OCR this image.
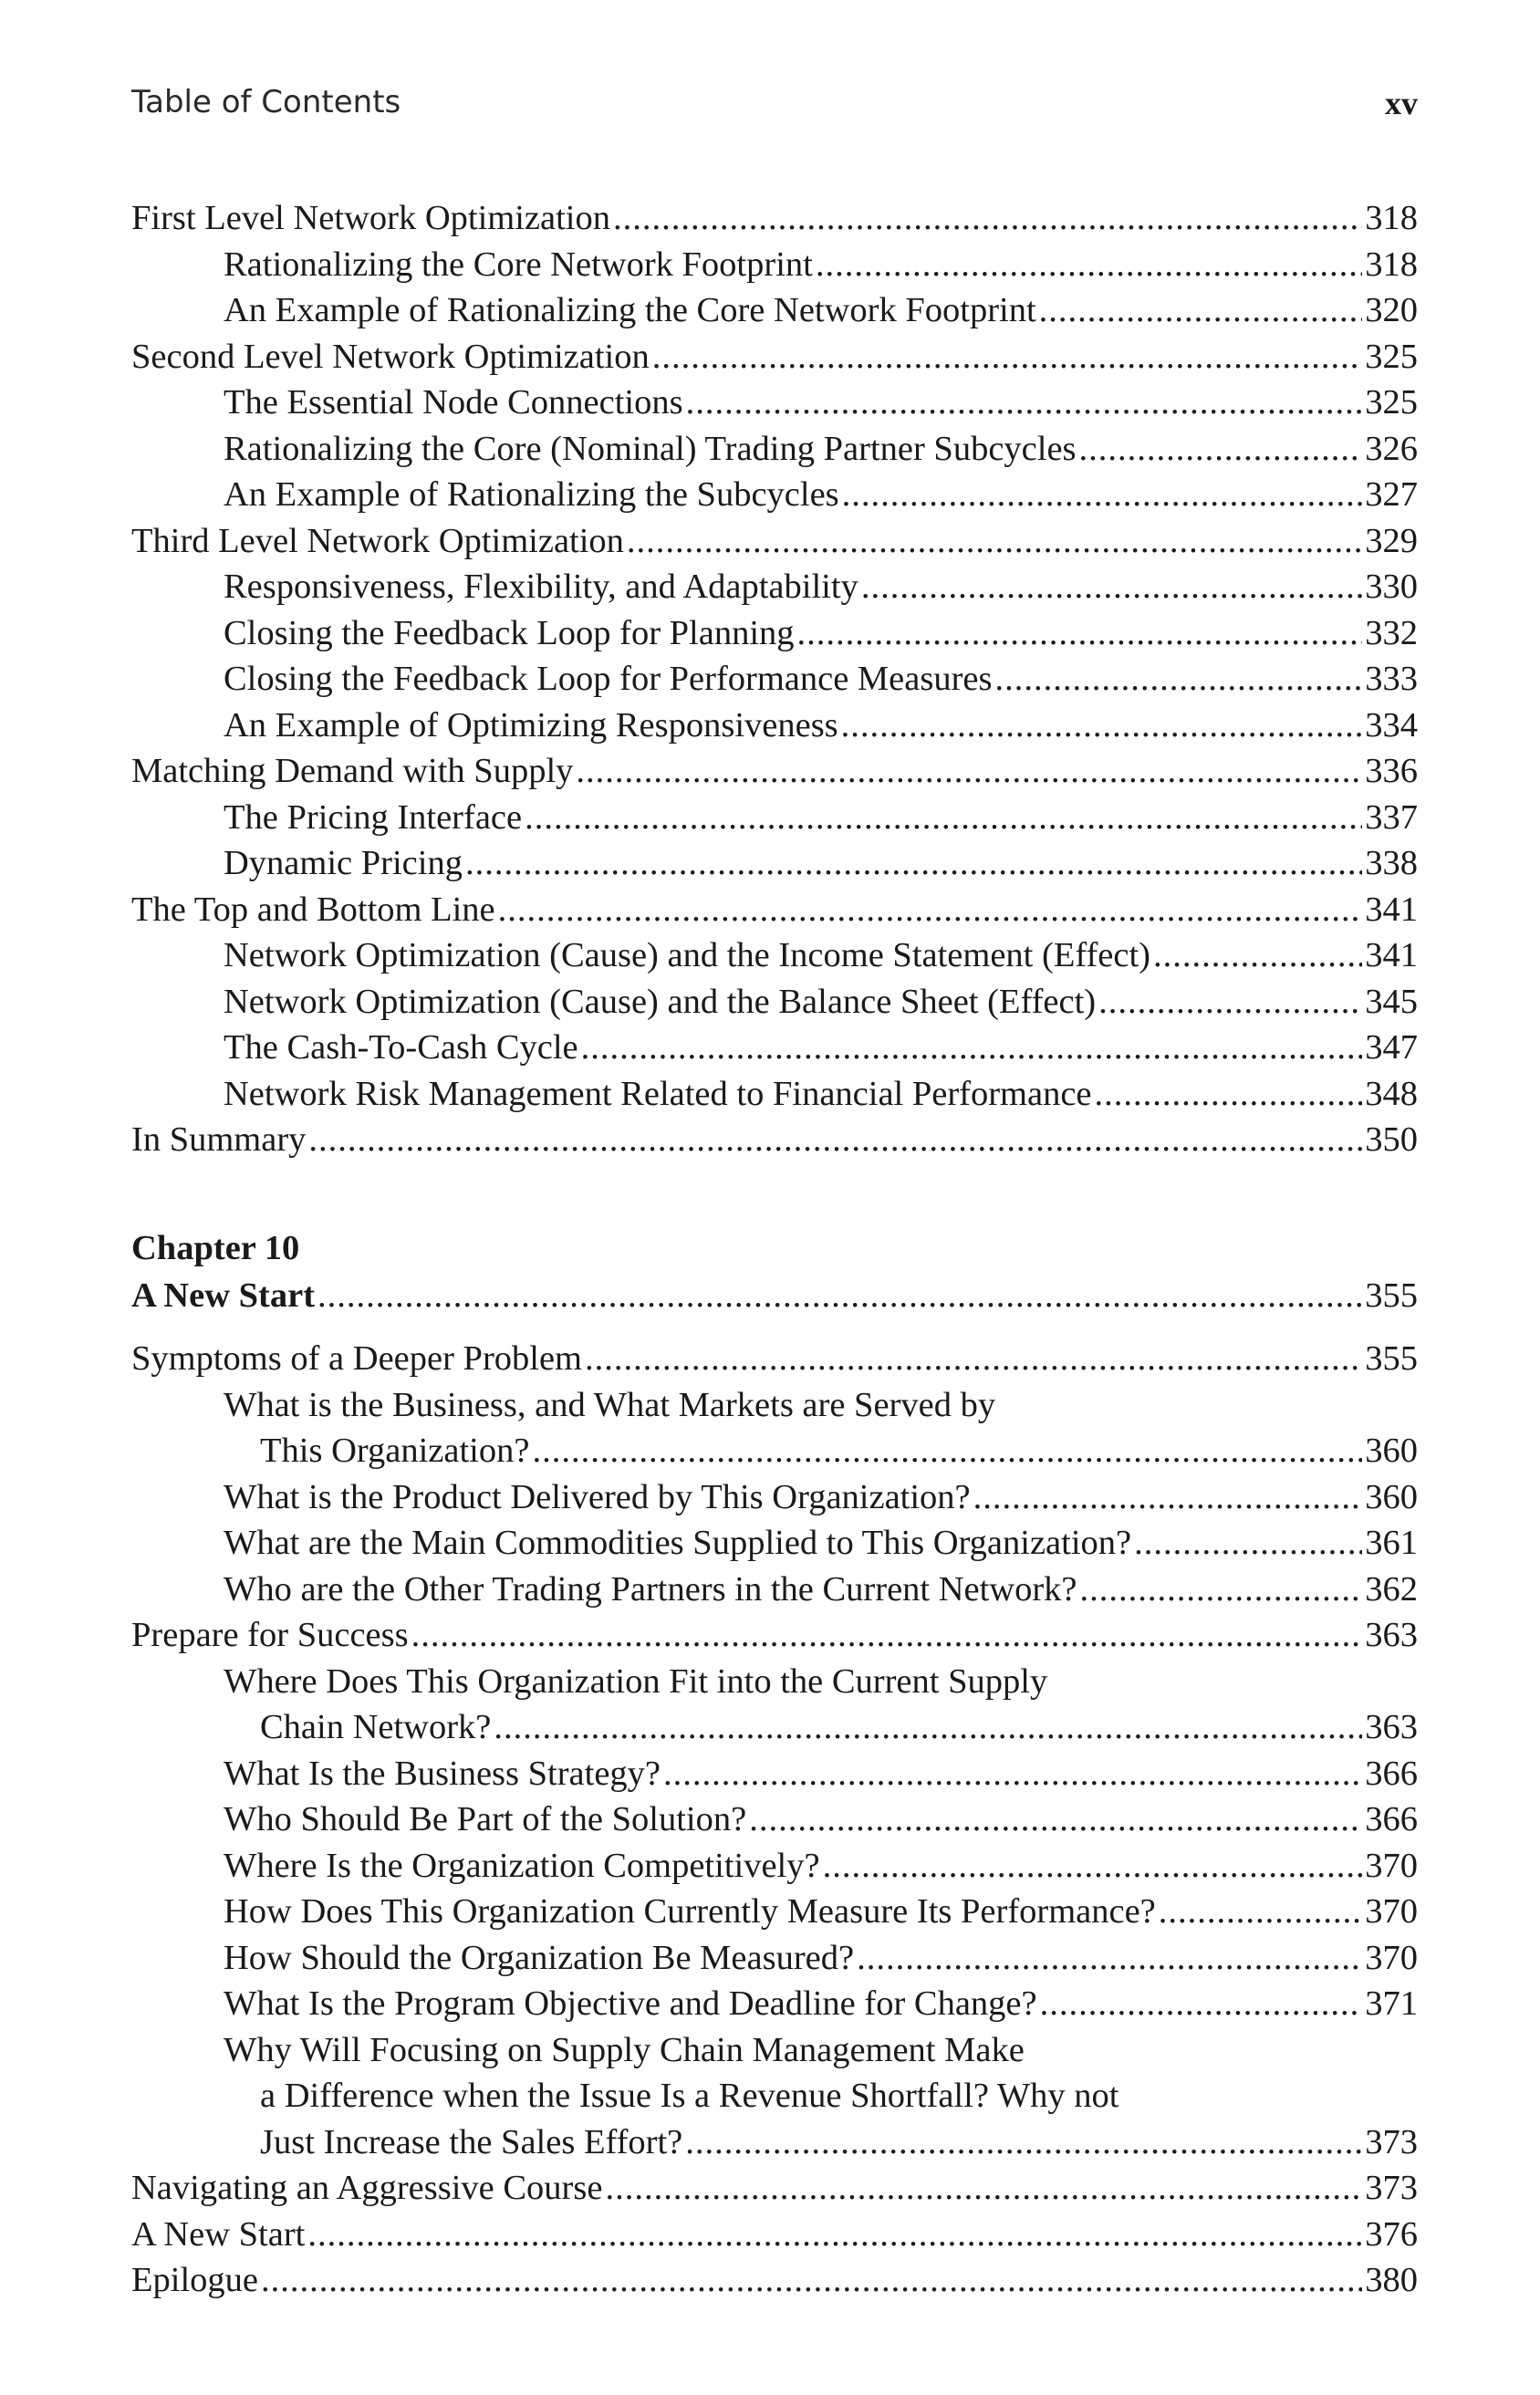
Table of Contents	xv
First Level Network Optimization .....	318
Rationalizing the Core Network Footprint .....	318
An Example of Rationalizing the Core Network Footprint .....	320
Second Level Network Optimization .....	325
The Essential Node Connections .....	325
Rationalizing the Core (Nominal) Trading Partner Subcycles .....	326
An Example of Rationalizing the Subcycles .....	327
Third Level Network Optimization .....	329
Responsiveness, Flexibility, and Adaptability .....	330
Closing the Feedback Loop for Planning .....	332
Closing the Feedback Loop for Performance Measures .....	333
An Example of Optimizing Responsiveness .....	334
Matching Demand with Supply .....	336
The Pricing Interface .....	337
Dynamic Pricing .....	338
The Top and Bottom Line .....	341
Network Optimization (Cause) and the Income Statement (Effect) .....	341
Network Optimization (Cause) and the Balance Sheet (Effect) .....	345
The Cash-To-Cash Cycle .....	347
Network Risk Management Related to Financial Performance .....	348
In Summary .....	350
Chapter 10
A New Start .....	355
Symptoms of a Deeper Problem .....	355
What is the Business, and What Markets are Served by
This Organization? .....	360
What is the Product Delivered by This Organization? .....	360
What are the Main Commodities Supplied to This Organization? .....	361
Who are the Other Trading Partners in the Current Network? .....	362
Prepare for Success .....	363
Where Does This Organization Fit into the Current Supply
Chain Network? .....	363
What Is the Business Strategy? .....	366
Who Should Be Part of the Solution? .....	366
Where Is the Organization Competitively? .....	370
How Does This Organization Currently Measure Its Performance? .....	370
How Should the Organization Be Measured? .....	370
What Is the Program Objective and Deadline for Change? .....	371
Why Will Focusing on Supply Chain Management Make
a Difference when the Issue Is a Revenue Shortfall? Why not
Just Increase the Sales Effort? .....	373
Navigating an Aggressive Course .....	373
A New Start .....	376
Epilogue .....	380
